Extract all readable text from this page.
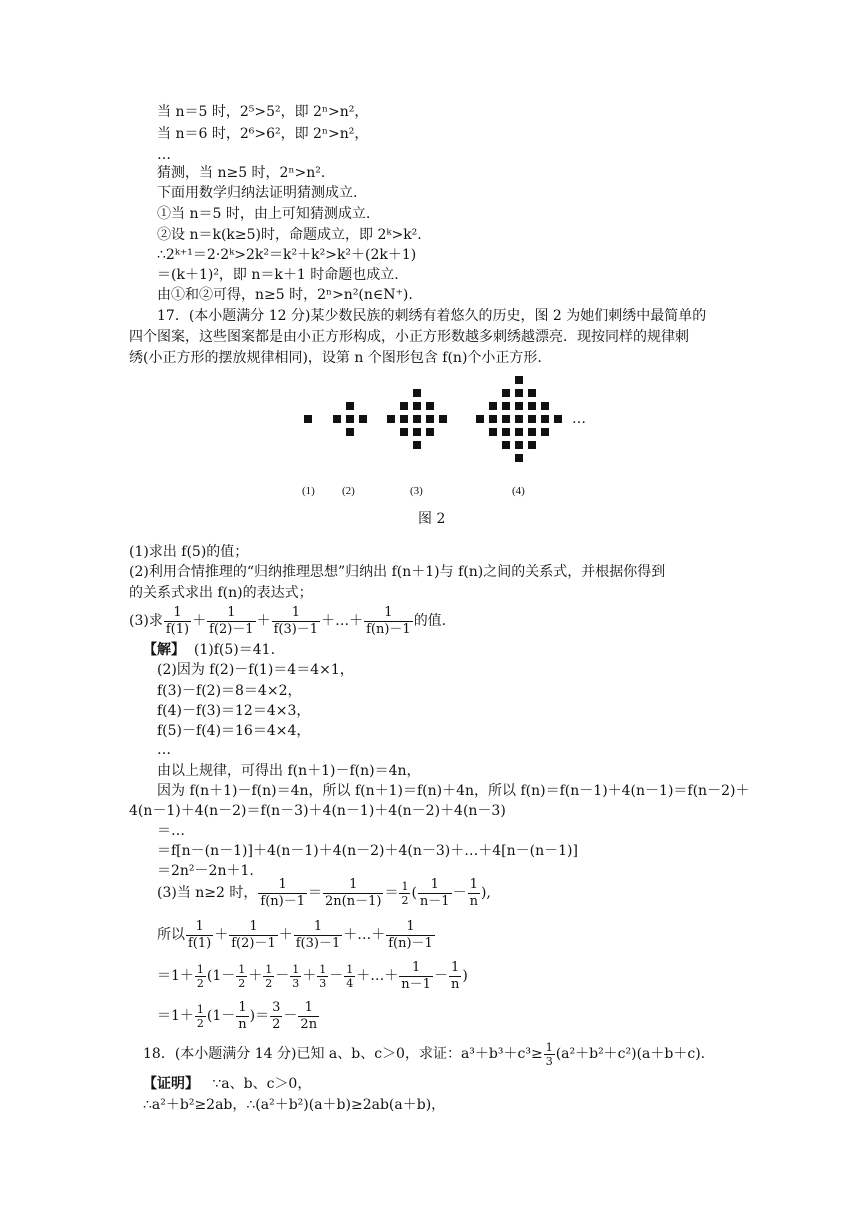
当 n＝5 时，2⁵>5²，即 2ⁿ>n²，
当 n＝6 时，2⁶>6²，即 2ⁿ>n²，
…
猜测，当 n≥5 时，2ⁿ>n².
下面用数学归纳法证明猜测成立.
①当 n＝5 时，由上可知猜测成立.
②设 n＝k(k≥5)时，命题成立，即 2ᵏ>k².
∴2ᵏ⁺¹＝2·2ᵏ>2k²＝k²＋k²>k²＋(2k＋1)
＝(k＋1)²，即 n＝k＋1 时命题也成立.
由①和②可得，n≥5 时，2ⁿ>n²(n∈N⁺).
17．(本小题满分 12 分)某少数民族的刺绣有着悠久的历史，图 2 为她们刺绣中最简单的
四个图案，这些图案都是由小正方形构成，小正方形数越多刺绣越漂亮．现按同样的规律刺
绣(小正方形的摆放规律相同)，设第 n 个图形包含 f(n)个小正方形.
…
(1) (2)	(3)	(4)
图 2
(1)求出 f(5)的值；
(2)利用合情推理的“归纳推理思想”归纳出 f(n＋1)与 f(n)之间的关系式，并根据你得到
的关系式求出 f(n)的表达式；
(3)求 $\frac{1}{f(1)} + \frac{1}{f(2)-1} + \frac{1}{f(3)-1}$ ＋…＋ $\frac{1}{f(n)-1}$ 的值.
【解】 (1)f(5)＝41.
(2)因为 f(2)－f(1)＝4＝4×1，
f(3)－f(2)＝8＝4×2，
f(4)－f(3)＝12＝4×3，
f(5)－f(4)＝16＝4×4，
…
由以上规律，可得出 f(n＋1)－f(n)＝4n，
因为 f(n＋1)－f(n)＝4n，所以 f(n＋1)＝f(n)＋4n，所以 f(n)＝f(n－1)＋4(n－1)＝f(n－2)＋
4(n－1)＋4(n－2)＝f(n－3)＋4(n－1)＋4(n－2)＋4(n－3)
＝…
＝f[n－(n－1)]＋4(n－1)＋4(n－2)＋4(n－3)＋…＋4[n－(n－1)]
＝2n²－2n＋1.
(3)当 n≥2 时， $\frac{1}{f(n)-1} = \frac{1}{2n(n-1)} = \frac{1}{2}$ ( $\frac{1}{n-1} - \frac{1}{n}$ ),
所以 $\frac{1}{f(1)} + \frac{1}{f(2)-1} + \frac{1}{f(3)-1}$ ＋…＋ $\frac{1}{f(n)-1}$
$=1+ \frac{1}{2} (1- \frac{1}{2} + \frac{1}{2} - \frac{1}{3} + \frac{1}{3} - \frac{1}{4}$ ＋…＋ $\frac{1}{n-1} - \frac{1}{n}$ )
$=1+ \frac{1}{2} (1- \frac{1}{n}$ )＝ $\frac{3}{2} - \frac{1}{2n}$
18．(本小题满分 14 分)已知 a、b、c＞0，求证：$a^3+b^3+c^3\ge \frac{1}{3} (a^2+b^2+c^2)(a+b+c)$.
【证明】 ∵a、b、c＞0，
∴a²＋b²≥2ab，∴(a²＋b²)(a＋b)≥2ab(a＋b)，
